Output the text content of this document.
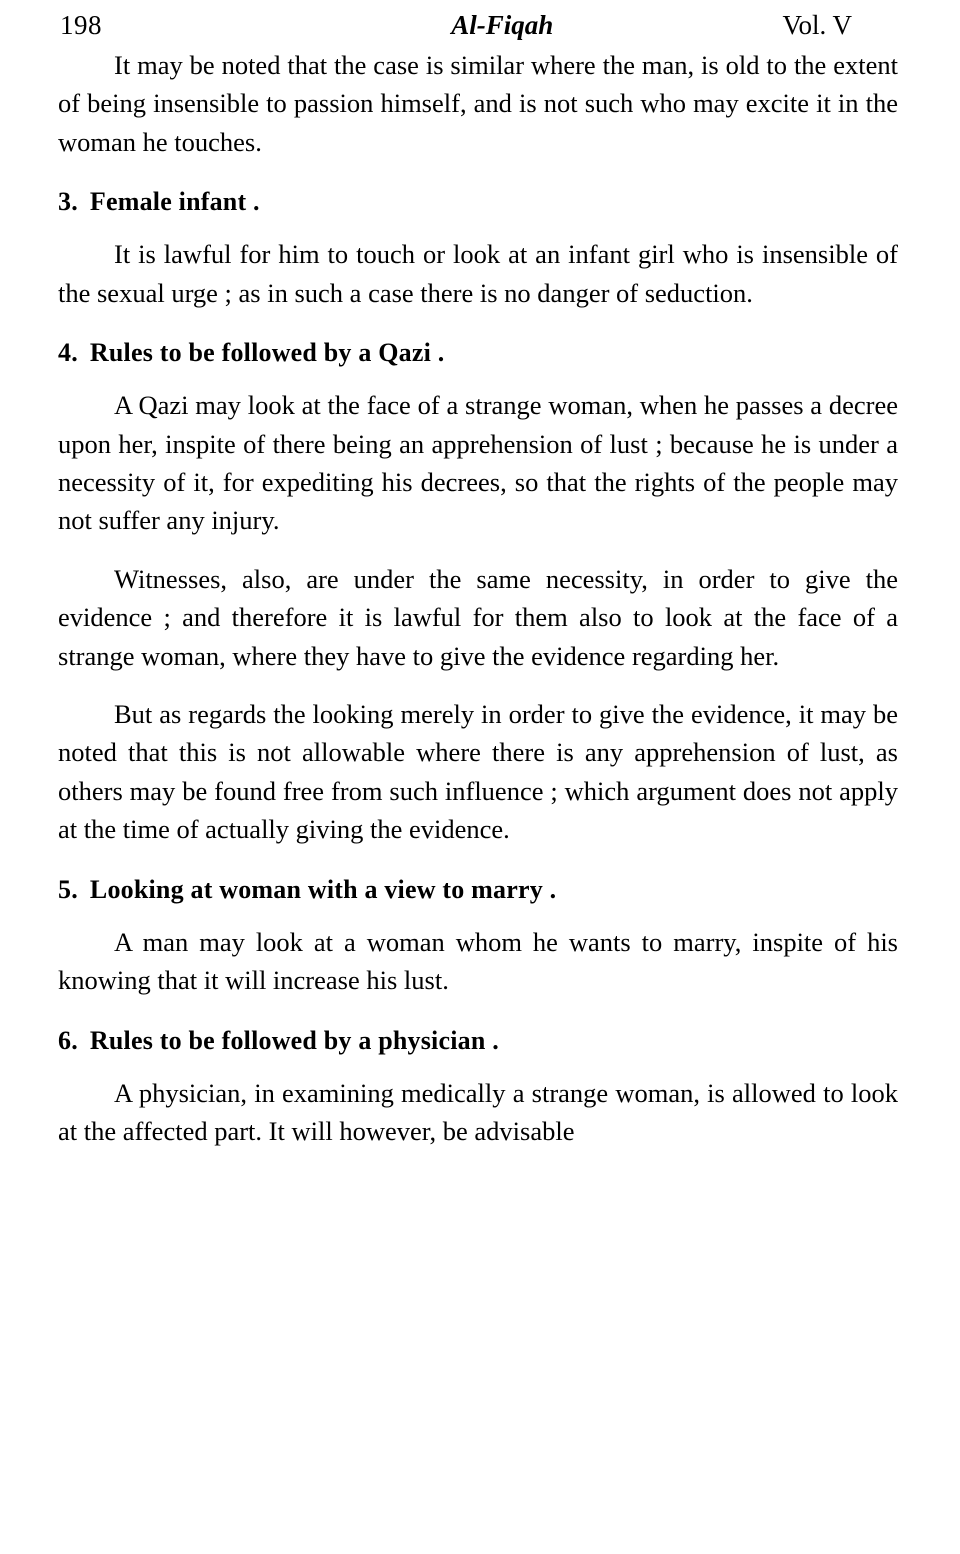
198	Al-Fiqah	Vol. V

It may be noted that the case is similar where the man, is old to the extent of being insensible to passion himself, and is not such who may excite it in the woman he touches.

3. Female infant .

It is lawful for him to touch or look at an infant girl who is insensible of the sexual urge ; as in such a case there is no danger of seduction.

4. Rules to be followed by a Qazi .

A Qazi may look at the face of a strange woman, when he passes a decree upon her, inspite of there being an apprehension of lust ; because he is under a necessity of it, for expediting his decrees, so that the rights of the people may not suffer any injury.

Witnesses, also, are under the same necessity, in order to give the evidence ; and therefore it is lawful for them also to look at the face of a strange woman, where they have to give the evidence regarding her.

But as regards the looking merely in order to give the evidence, it may be noted that this is not allowable where there is any apprehension of lust, as others may be found free from such influence ; which argument does not apply at the time of actually giving the evidence.

5. Looking at woman with a view to marry .

A man may look at a woman whom he wants to marry, inspite of his knowing that it will increase his lust.

6. Rules to be followed by a physician .

A physician, in examining medically a strange woman, is allowed to look at the affected part. It will however, be advisable
